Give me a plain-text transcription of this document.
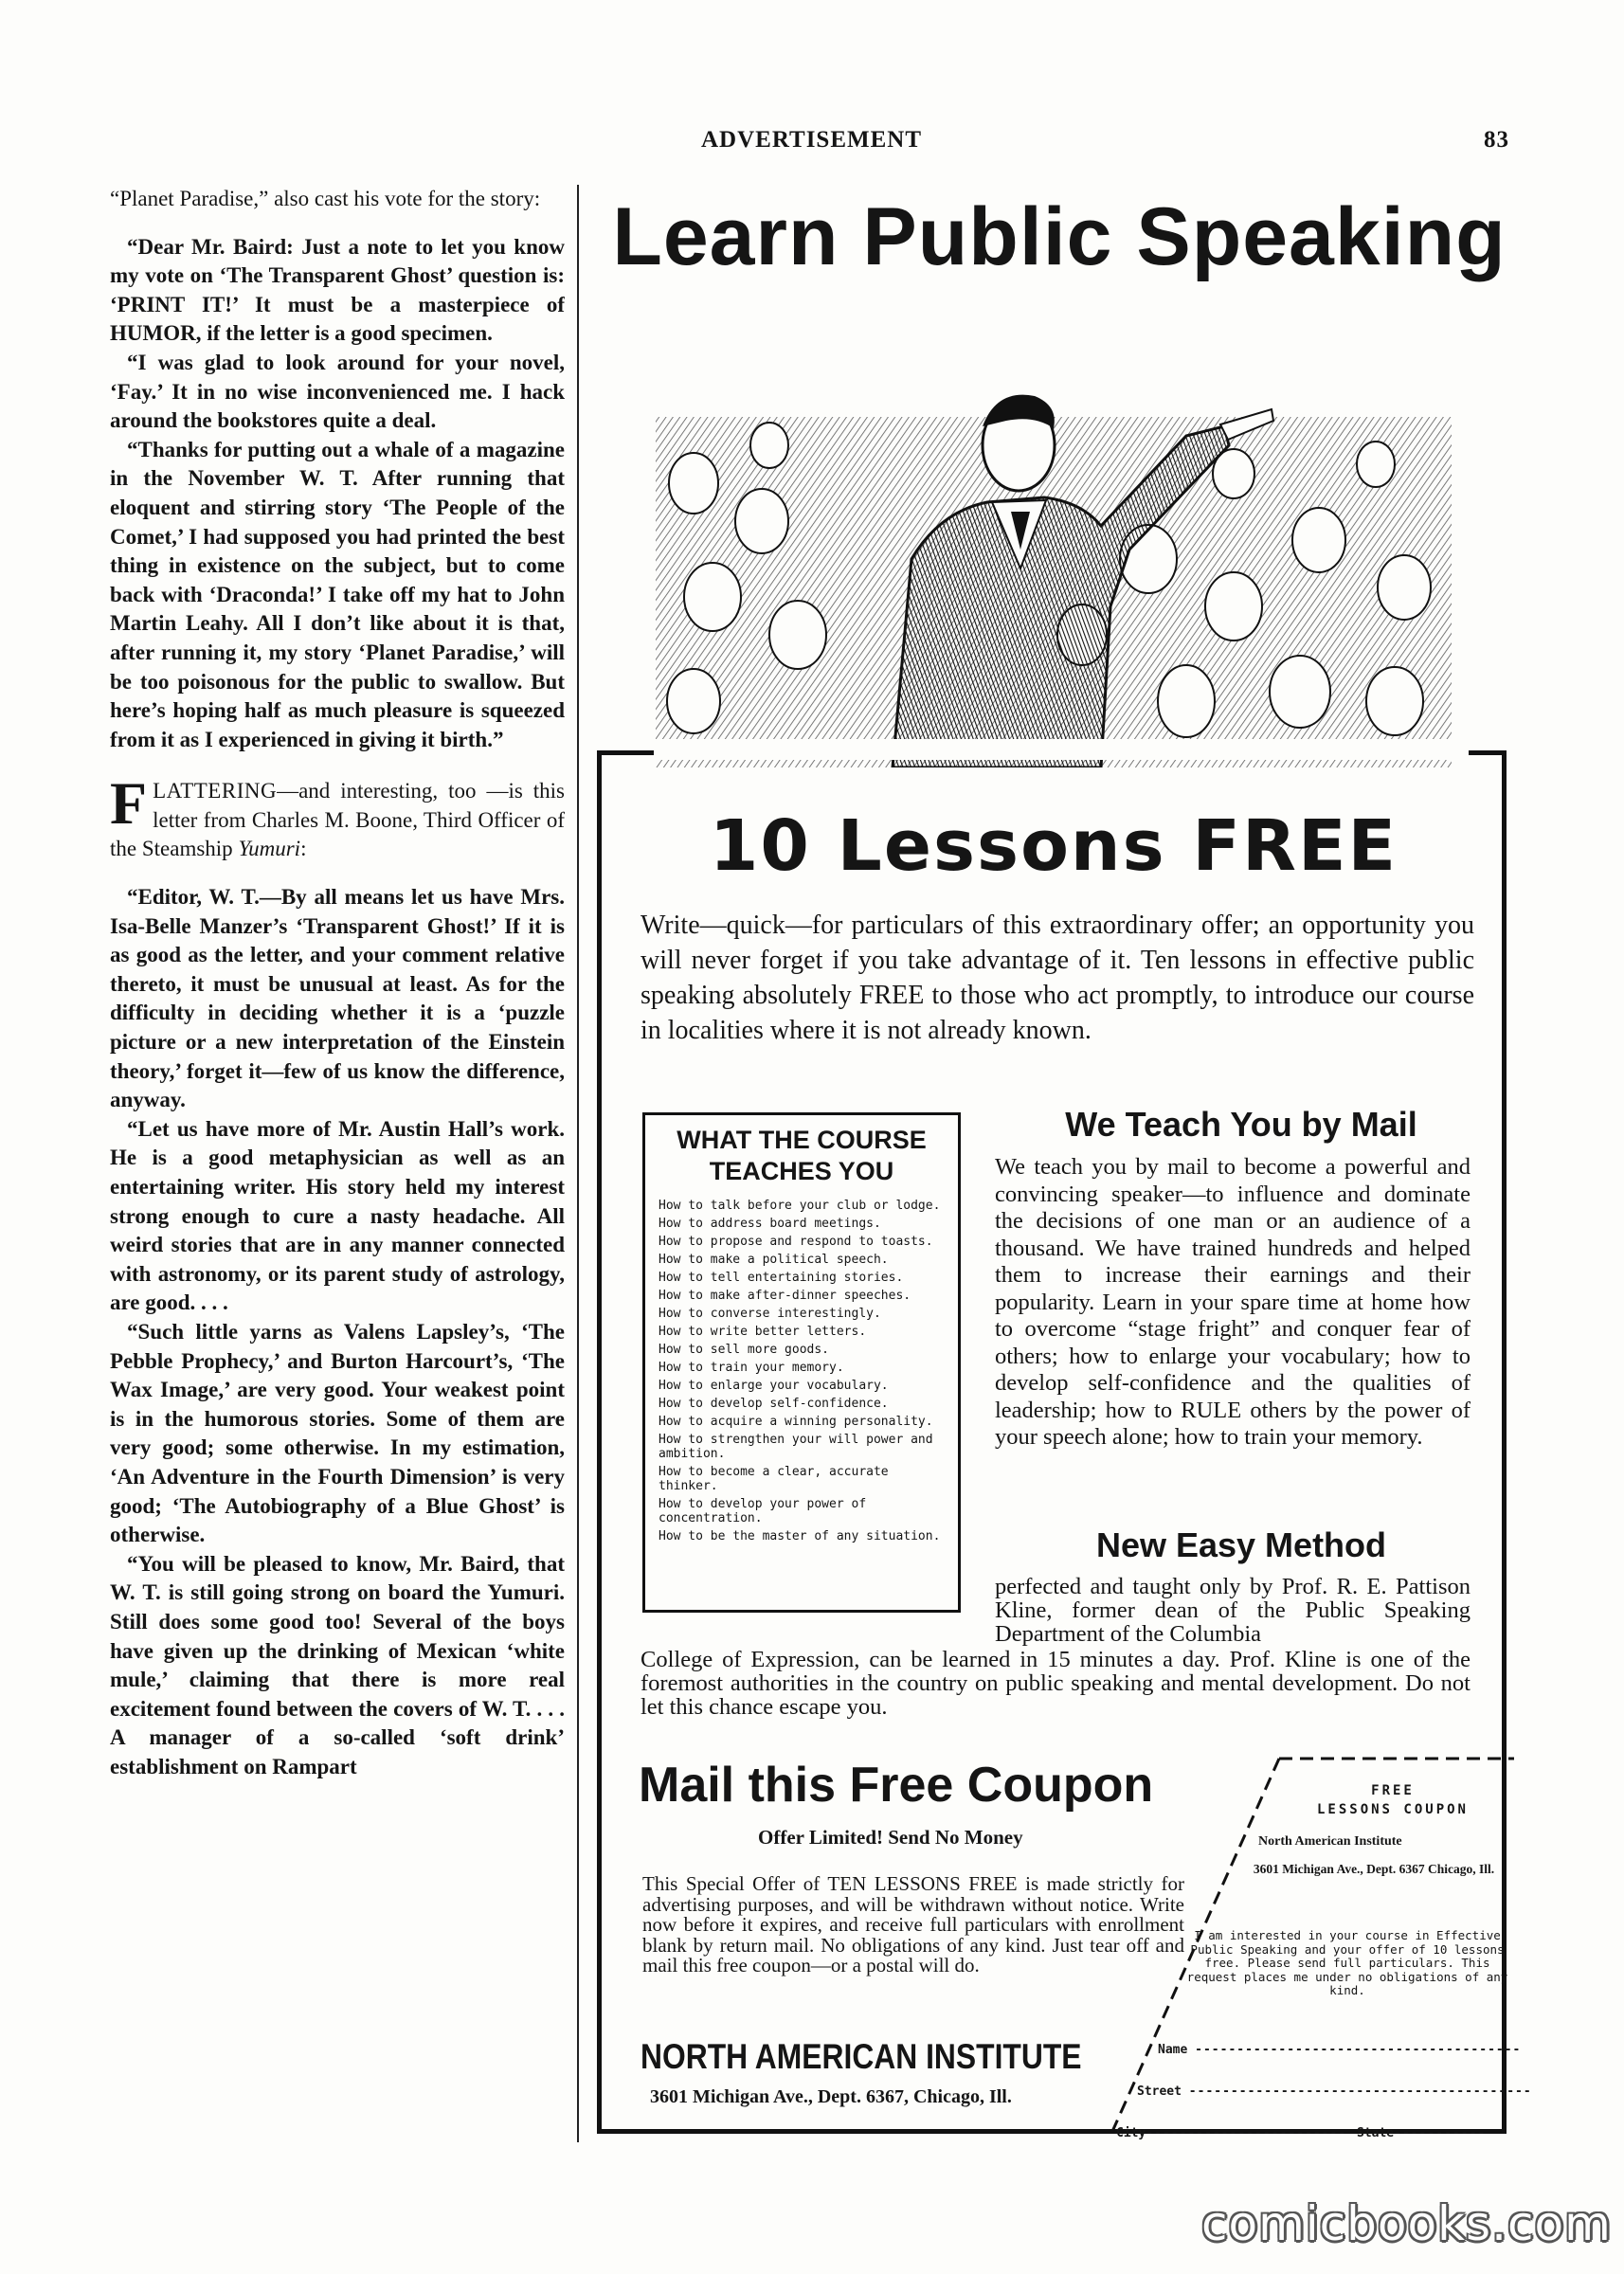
ADVERTISEMENT	83

“Planet Paradise,” also cast his vote for the story:

“Dear Mr. Baird: Just a note to let you know my vote on ‘The Transparent Ghost’ question is: ‘PRINT IT!’ It must be a masterpiece of HUMOR, if the letter is a good specimen.

“I was glad to look around for your novel, ‘Fay.’ It in no wise inconvenienced me. I hack around the bookstores quite a deal.

“Thanks for putting out a whale of a magazine in the November W. T. After running that eloquent and stirring story ‘The People of the Comet,’ I had supposed you had printed the best thing in existence on the subject, but to come back with ‘Draconda!’ I take off my hat to John Martin Leahy. All I don’t like about it is that, after running it, my story ‘Planet Paradise,’ will be too poisonous for the public to swallow. But here’s hoping half as much pleasure is squeezed from it as I experienced in giving it birth.”

FLATTERING—and interesting, too —is this letter from Charles M. Boone, Third Officer of the Steamship Yumuri:

“Editor, W. T.—By all means let us have Mrs. Isa-Belle Manzer’s ‘Transparent Ghost!’ If it is as good as the letter, and your comment relative thereto, it must be unusual at least. As for the difficulty in deciding whether it is a ‘puzzle picture or a new interpretation of the Einstein theory,’ forget it—few of us know the difference, anyway.

“Let us have more of Mr. Austin Hall’s work. He is a good metaphysician as well as an entertaining writer. His story held my interest strong enough to cure a nasty headache. All weird stories that are in any manner connected with astronomy, or its parent study of astrology, are good. . . .

“Such little yarns as Valens Lapsley’s, ‘The Pebble Prophecy,’ and Burton Harcourt’s, ‘The Wax Image,’ are very good. Your weakest point is in the humorous stories. Some of them are very good; some otherwise. In my estimation, ‘An Adventure in the Fourth Dimension’ is very good; ‘The Autobiography of a Blue Ghost’ is otherwise.

“You will be pleased to know, Mr. Baird, that W. T. is still going strong on board the Yumuri. Still does some good too! Several of the boys have given up the drinking of Mexican ‘white mule,’ claiming that there is more real excitement found between the covers of W. T. . . . A manager of a so-called ‘soft drink’ establishment on Rampart

Learn Public Speaking
10 Lessons FREE
Write—quick—for particulars of this extraordinary offer; an opportunity you will never forget if you take advantage of it. Ten lessons in effective public speaking absolutely FREE to those who act promptly, to introduce our course in localities where it is not already known.
WHAT THE COURSE TEACHES YOU
How to talk before your club or lodge.
How to address board meetings.
How to propose and respond to toasts.
How to make a political speech.
How to tell entertaining stories.
How to make after-dinner speeches.
How to converse interestingly.
How to write better letters.
How to sell more goods.
How to train your memory.
How to enlarge your vocabulary.
How to develop self-confidence.
How to acquire a winning personality.
How to strengthen your will power and ambition.
How to become a clear, accurate thinker.
How to develop your power of concentration.
How to be the master of any situation.
We Teach You by Mail
We teach you by mail to become a powerful and convincing speaker—to influence and dominate the decisions of one man or an audience of a thousand. We have trained hundreds and helped them to increase their earnings and their popularity. Learn in your spare time at home how to overcome “stage fright” and conquer fear of others; how to enlarge your vocabulary; how to develop self-confidence and the qualities of leadership; how to RULE others by the power of your speech alone; how to train your memory.
New Easy Method
perfected and taught only by Prof. R. E. Pattison Kline, former dean of the Public Speaking Department of the Columbia
College of Expression, can be learned in 15 minutes a day. Prof. Kline is one of the foremost authorities in the country on public speaking and mental development. Do not let this chance escape you.
Mail this Free Coupon
Offer Limited! Send No Money
This Special Offer of TEN LESSONS FREE is made strictly for advertising purposes, and will be withdrawn without notice. Write now before it expires, and receive full particulars with enrollment blank by return mail. No obligations of any kind. Just tear off and mail this free coupon—or a postal will do.
NORTH AMERICAN INSTITUTE
3601 Michigan Ave., Dept. 6367, Chicago, Ill.
FREE
LESSONS COUPON
North American Institute
3601 Michigan Ave., Dept. 6367 Chicago, Ill.
I am interested in your course in Effective Public Speaking and your offer of 10 lessons free. Please send full particulars. This request places me under no obligations of any kind.
Name ---------------------------------------
Street -----------------------------------------
City------------------------ State-----------
comicbooks.com
